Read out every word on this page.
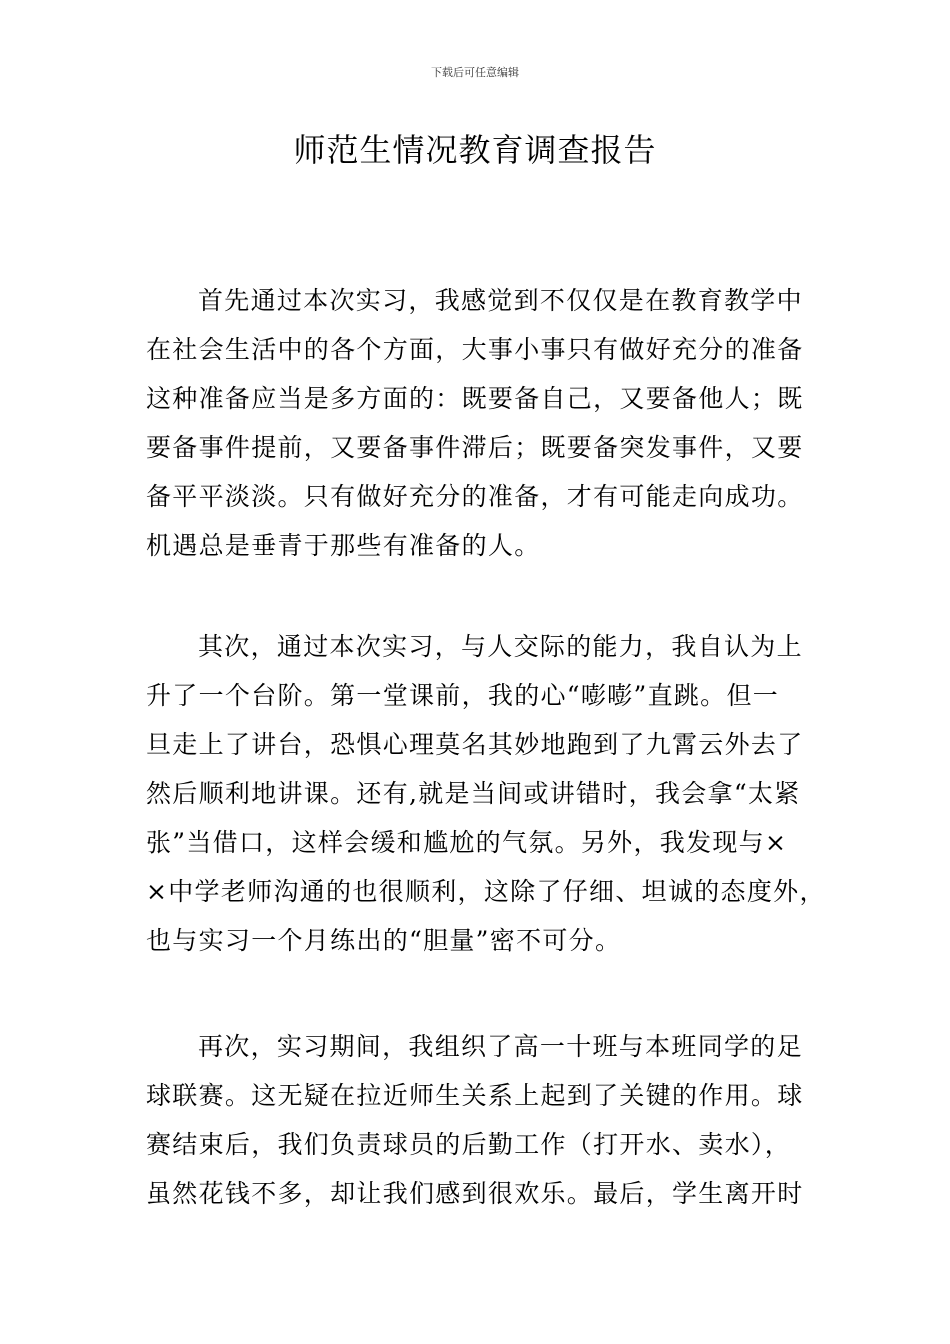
下载后可任意编辑
师范生情况教育调查报告
首先通过本次实习，我感觉到不仅仅是在教育教学中
在社会生活中的各个方面，大事小事只有做好充分的准备
这种准备应当是多方面的：既要备自己，又要备他人；既
要备事件提前，又要备事件滞后；既要备突发事件，又要
备平平淡淡。只有做好充分的准备，才有可能走向成功。
机遇总是垂青于那些有准备的人。
其次，通过本次实习，与人交际的能力，我自认为上
升了一个台阶。第一堂课前，我的心“嘭嘭”直跳。但一
旦走上了讲台，恐惧心理莫名其妙地跑到了九霄云外去了
然后顺利地讲课。还有,就是当间或讲错时，我会拿“太紧
张”当借口，这样会缓和尴尬的气氛。另外，我发现与×
×中学老师沟通的也很顺利，这除了仔细、坦诚的态度外，
也与实习一个月练出的“胆量”密不可分。
再次，实习期间，我组织了高一十班与本班同学的足
球联赛。这无疑在拉近师生关系上起到了关键的作用。球
赛结束后，我们负责球员的后勤工作（打开水、卖水），
虽然花钱不多，却让我们感到很欢乐。最后，学生离开时
